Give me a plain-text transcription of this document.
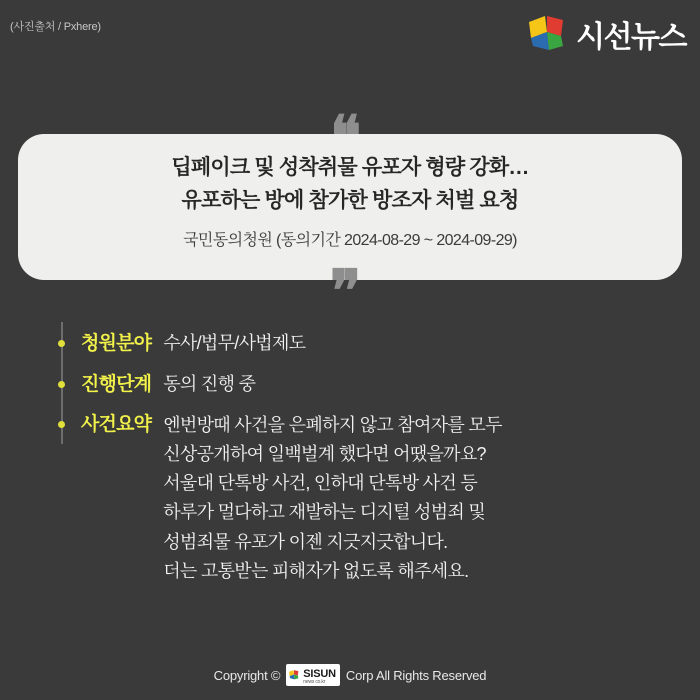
(사진출처 / Pxhere)	시선뉴스
딥페이크 및 성착취물 유포자 형량 강화…
유포하는 방에 참가한 방조자 처벌 요청
국민동의청원 (동의기간 2024-08-29 ~ 2024-09-29)
❞
청원분야 수사/법무/사법제도
진행단계 동의 진행 중
사건요약 엔번방때 사건을 은폐하지 않고 참여자를 모두
신상공개하여 일백벌계 했다면 어땠을까요?
서울대 단톡방 사건, 인하대 단톡방 사건 등
하루가 멀다하고 재발하는 디지털 성범죄 및
성범죄물 유포가 이젠 지긋지긋합니다.
더는 고통받는 피해자가 없도록 해주세요.
Copyright © SISUN
news co.kr	Corp All Rights Reserved
